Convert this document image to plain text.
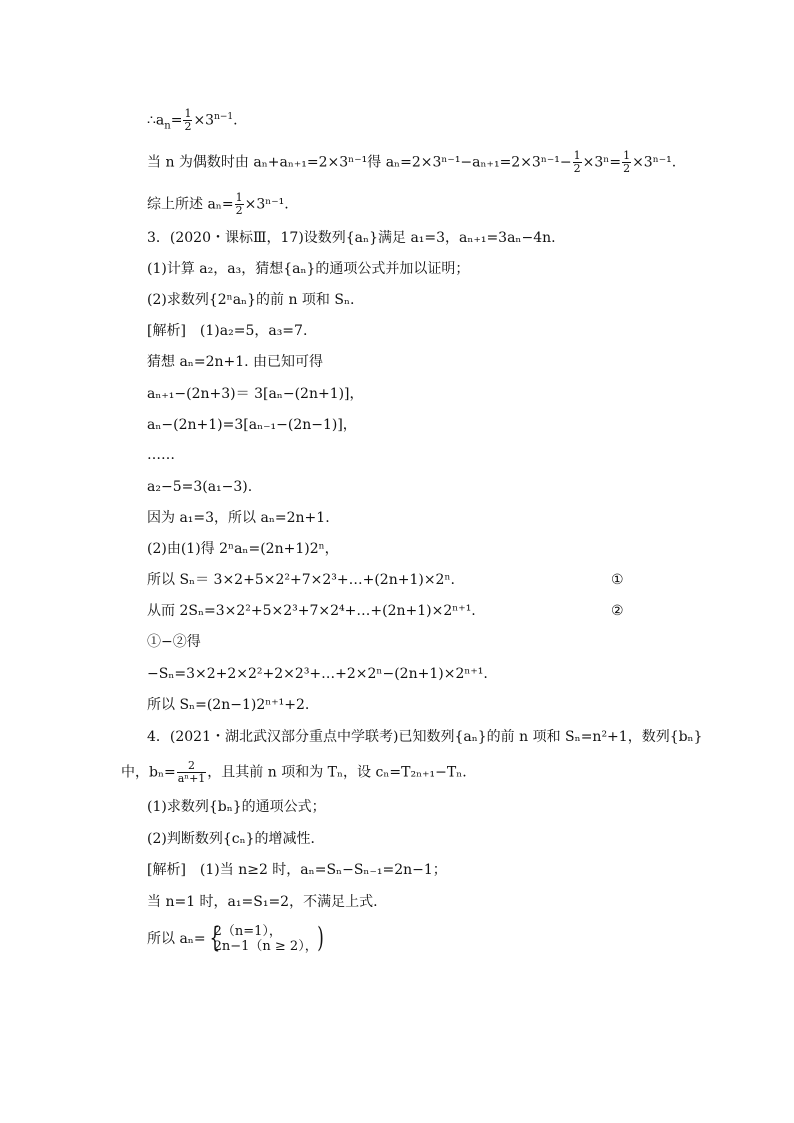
$\therefore a_n= \frac{1}{2} \times 3^{n-1}$.
当 n 为偶数时由 aₙ+aₙ₊₁=2×3ⁿ⁻¹得 $a_n=2\times 3^{n-1}-a_{n+1}=2\times 3^{n-1}- \frac{1}{2} \times 3^n= \frac{1}{2} \times 3^{n-1}$.
综上所述 $a_n= \frac{1}{2} \times 3^{n-1}$.
3．(2020・课标Ⅲ，17)设数列{aₙ}满足 a₁=3，aₙ₊₁=3aₙ−4n.
(1)计算 a₂，a₃，猜想{aₙ}的通项公式并加以证明；
(2)求数列{2ⁿaₙ}的前 n 项和 Sₙ.
[解析]　(1)a₂=5，a₃=7.
猜想 aₙ=2n+1. 由已知可得
aₙ₊₁−(2n+3)＝ 3[aₙ−(2n+1)]，
aₙ−(2n+1)=3[aₙ₋₁−(2n−1)]，
……
a₂−5=3(a₁−3).
因为 a₁=3，所以 aₙ=2n+1.
(2)由(1)得 2ⁿaₙ=(2n+1)2ⁿ，
所以 Sₙ＝ 3×2+5×2²+7×2³+…+(2n+1)×2ⁿ.	①
从而 2Sₙ=3×2²+5×2³+7×2⁴+…+(2n+1)×2ⁿ⁺¹.	②
①−②得
−Sₙ=3×2+2×2²+2×2³+…+2×2ⁿ−(2n+1)×2ⁿ⁺¹.
所以 Sₙ=(2n−1)2ⁿ⁺¹+2.
4．(2021・湖北武汉部分重点中学联考)已知数列{aₙ}的前 n 项和 Sₙ=n²+1，数列{bₙ}
中，$b_n= \frac{2}{\text{aⁿ+1}}$ ，且其前 n 项和为 Tₙ，设 cₙ=T₂ₙ₊₁−Tₙ.
(1)求数列{bₙ}的通项公式；
(2)判断数列{cₙ}的增减性．
[解析]　(1)当 n≥2 时，aₙ=Sₙ−Sₙ₋₁=2n−1；
当 n=1 时，a₁=S₁=2，不满足上式.
所以 aₙ= {
2（n=1），
2n−1（n ≥ 2）， )
